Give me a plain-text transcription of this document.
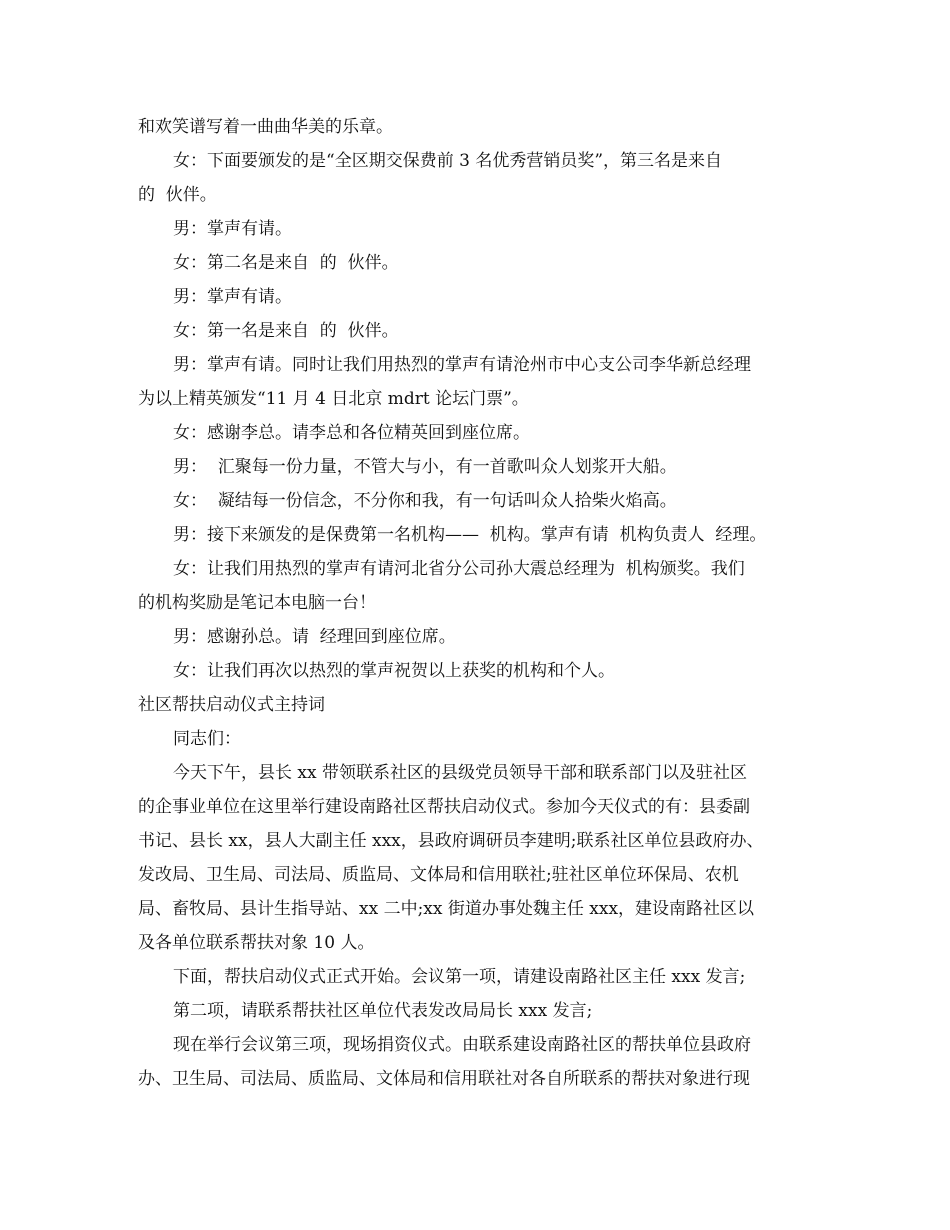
和欢笑谱写着一曲曲华美的乐章。
女：下面要颁发的是“全区期交保费前 3 名优秀营销员奖”，第三名是来自
的  伙伴。
男：掌声有请。
女：第二名是来自  的  伙伴。
男：掌声有请。
女：第一名是来自  的  伙伴。
男：掌声有请。同时让我们用热烈的掌声有请沧州市中心支公司李华新总经理
为以上精英颁发“11 月 4 日北京 mdrt 论坛门票”。
女：感谢李总。请李总和各位精英回到座位席。
男：  汇聚每一份力量，不管大与小，有一首歌叫众人划浆开大船。
女：  凝结每一份信念，不分你和我，有一句话叫众人拾柴火焰高。
男：接下来颁发的是保费第一名机构——  机构。掌声有请  机构负责人  经理。
女：让我们用热烈的掌声有请河北省分公司孙大震总经理为  机构颁奖。我们
的机构奖励是笔记本电脑一台！
男：感谢孙总。请  经理回到座位席。
女：让我们再次以热烈的掌声祝贺以上获奖的机构和个人。
社区帮扶启动仪式主持词
同志们：
今天下午，县长 xx 带领联系社区的县级党员领导干部和联系部门以及驻社区
的企事业单位在这里举行建设南路社区帮扶启动仪式。参加今天仪式的有：县委副
书记、县长 xx，县人大副主任 xxx，县政府调研员李建明;联系社区单位县政府办、
发改局、卫生局、司法局、质监局、文体局和信用联社;驻社区单位环保局、农机
局、畜牧局、县计生指导站、xx 二中;xx 街道办事处魏主任 xxx，建设南路社区以
及各单位联系帮扶对象 10 人。
下面，帮扶启动仪式正式开始。会议第一项，请建设南路社区主任 xxx 发言;
第二项，请联系帮扶社区单位代表发改局局长 xxx 发言;
现在举行会议第三项，现场捐资仪式。由联系建设南路社区的帮扶单位县政府
办、卫生局、司法局、质监局、文体局和信用联社对各自所联系的帮扶对象进行现
